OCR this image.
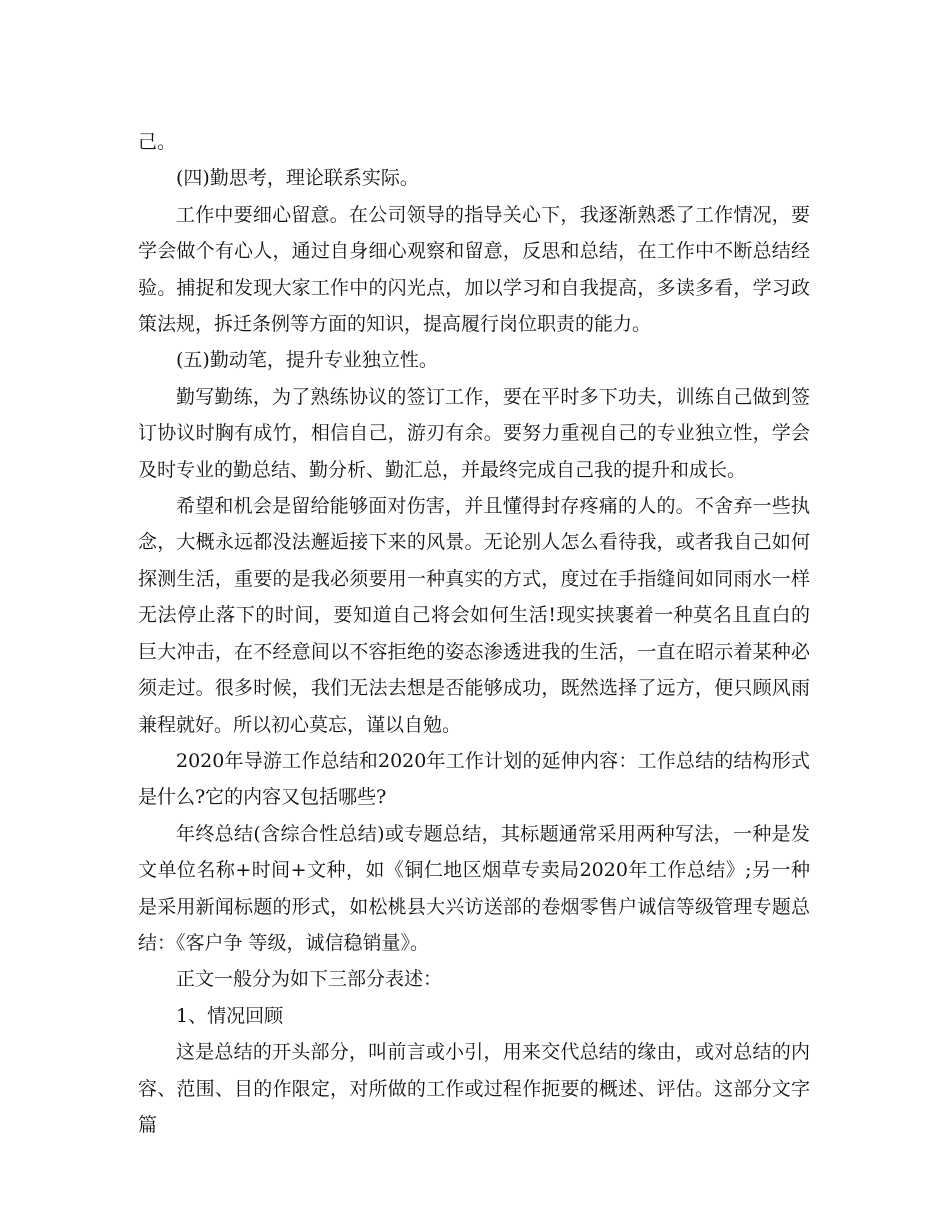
己。

(四)勤思考，理论联系实际。

工作中要细心留意。在公司领导的指导关心下，我逐渐熟悉了工作情况，要学会做个有心人，通过自身细心观察和留意，反思和总结，在工作中不断总结经验。捕捉和发现大家工作中的闪光点，加以学习和自我提高，多读多看，学习政策法规，拆迁条例等方面的知识，提高履行岗位职责的能力。

(五)勤动笔，提升专业独立性。

勤写勤练，为了熟练协议的签订工作，要在平时多下功夫，训练自己做到签订协议时胸有成竹，相信自己，游刃有余。要努力重视自己的专业独立性，学会及时专业的勤总结、勤分析、勤汇总，并最终完成自己我的提升和成长。

希望和机会是留给能够面对伤害，并且懂得封存疼痛的人的。不舍弃一些执念，大概永远都没法邂逅接下来的风景。无论别人怎么看待我，或者我自己如何探测生活，重要的是我必须要用一种真实的方式，度过在手指缝间如同雨水一样无法停止落下的时间，要知道自己将会如何生活!现实挟裹着一种莫名且直白的巨大冲击，在不经意间以不容拒绝的姿态渗透进我的生活，一直在昭示着某种必须走过。很多时候，我们无法去想是否能够成功，既然选择了远方，便只顾风雨兼程就好。所以初心莫忘，谨以自勉。

2020年导游工作总结和2020年工作计划的延伸内容：工作总结的结构形式是什么?它的内容又包括哪些?

年终总结(含综合性总结)或专题总结，其标题通常采用两种写法，一种是发文单位名称+时间+文种，如《铜仁地区烟草专卖局2020年工作总结》;另一种是采用新闻标题的形式，如松桃县大兴访送部的卷烟零售户诚信等级管理专题总结：《客户争 等级，诚信稳销量》。

正文一般分为如下三部分表述：

1、情况回顾

这是总结的开头部分，叫前言或小引，用来交代总结的缘由，或对总结的内容、范围、目的作限定，对所做的工作或过程作扼要的概述、评估。这部分文字篇
